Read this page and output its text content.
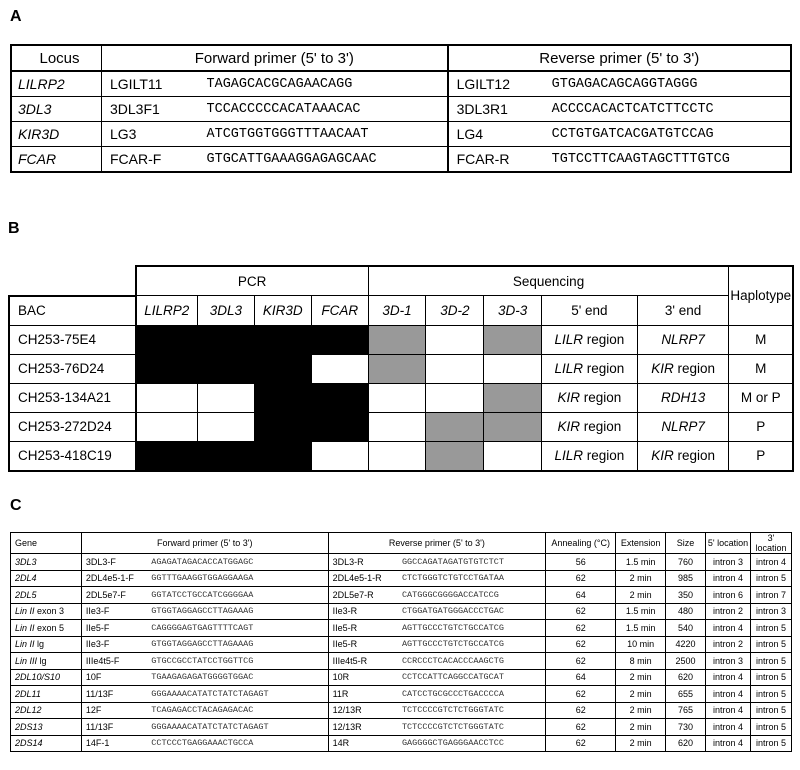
A
B
C
Locus	Forward primer (5' to 3')		Reverse primer (5' to 3')	
LILRP2	LGILT11	TAGAGCACGCAGAACAGG	LGILT12	GTGAGACAGCAGGTAGGG
3DL3	3DL3F1	TCCACCCCCACATAAACAC	3DL3R1	ACCCCACACTCATCTTCCTC
KIR3D	LG3	ATCGTGGTGGGTTTAACAAT	LG4	CCTGTGATCACGATGTCCAG
FCAR	FCAR-F	GTGCATTGAAAGGAGAGCAAC	FCAR-R	TGTCCTTCAAGTAGCTTTGTCG
	PCR				Sequencing					Haplotype
BAC	LILRP2	3DL3	KIR3D	FCAR	3D-1	3D-2	3D-3	5' end	3' end	
CH253-75E4								LILR region	NLRP7	M
CH253-76D24								LILR region	KIR region	M
CH253-134A21								KIR region	RDH13	M or P
CH253-272D24								KIR region	NLRP7	P
CH253-418C19								LILR region	KIR region	P
Gene	Forward primer (5' to 3')		Reverse primer (5' to 3')		Annealing (°C)	Extension	Size	5' location	3' location
3DL3	3DL3-F	AGAGATAGACACCATGGAGC	3DL3-R	GGCCAGATAGATGTGTCTCT	56	1.5 min	760	intron 3	intron 4
2DL4	2DL4e5-1-F	GGTTTGAAGGTGGAGGAAGA	2DL4e5-1-R	CTCTGGGTCTGTCCTGATAA	62	2 min	985	intron 4	intron 5
2DL5	2DL5e7-F	GGTATCCTGCCATCGGGGAA	2DL5e7-R	CATGGGCGGGGACCATCCG	64	2 min	350	intron 6	intron 7
Lin II exon 3	IIe3-F	GTGGTAGGAGCCTTAGAAAG	IIe3-R	CTGGATGATGGGACCCTGAC	62	1.5 min	480	intron 2	intron 3
Lin II exon 5	IIe5-F	CAGGGGAGTGAGTTTTCAGT	IIe5-R	AGTTGCCCTGTCTGCCATCG	62	1.5 min	540	intron 4	intron 5
Lin II lg	IIe3-F	GTGGTAGGAGCCTTAGAAAG	IIe5-R	AGTTGCCCTGTCTGCCATCG	62	10 min	4220	intron 2	intron 5
Lin III lg	IIIe4t5-F	GTGCCGCCTATCCTGGTTCG	IIIe4t5-R	CCRCCCTCACACCCAAGCTG	62	8 min	2500	intron 3	intron 5
2DL10/S10	10F	TGAAGAGAGATGGGGTGGAC	10R	CCTCCATTCAGGCCATGCAT	64	2 min	620	intron 4	intron 5
2DL11	11/13F	GGGAAAACATATCTATCTAGAGT	11R	CATCCTGCGCCCTGACCCCA	62	2 min	655	intron 4	intron 5
2DL12	12F	TCAGAGACCTACAGAGACAC	12/13R	TCTCCCCGTCTCTGGGTATC	62	2 min	765	intron 4	intron 5
2DS13	11/13F	GGGAAAACATATCTATCTAGAGT	12/13R	TCTCCCCGTCTCTGGGTATC	62	2 min	730	intron 4	intron 5
2DS14	14F-1	CCTCCCTGAGGAAACTGCCA	14R	GAGGGGCTGAGGGAACCTCC	62	2 min	620	intron 4	intron 5
